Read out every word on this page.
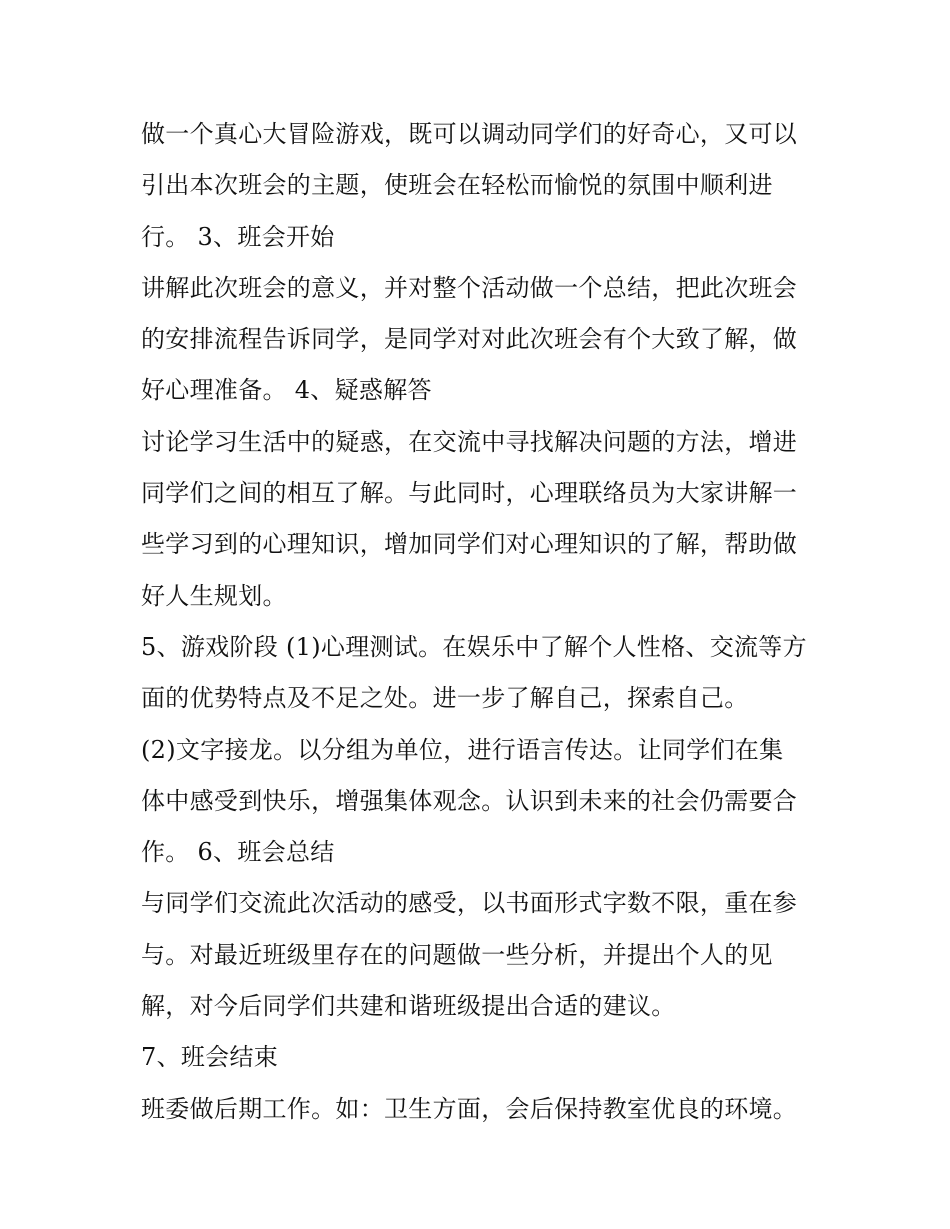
做一个真心大冒险游戏，既可以调动同学们的好奇心，又可以
引出本次班会的主题，使班会在轻松而愉悦的氛围中顺利进
行。 3、班会开始
讲解此次班会的意义，并对整个活动做一个总结，把此次班会
的安排流程告诉同学，是同学对对此次班会有个大致了解，做
好心理准备。 4、疑惑解答
讨论学习生活中的疑惑，在交流中寻找解决问题的方法，增进
同学们之间的相互了解。与此同时，心理联络员为大家讲解一
些学习到的心理知识，增加同学们对心理知识的了解，帮助做
好人生规划。
5、游戏阶段 (1)心理测试。在娱乐中了解个人性格、交流等方
面的优势特点及不足之处。进一步了解自己，探索自己。
(2)文字接龙。以分组为单位，进行语言传达。让同学们在集
体中感受到快乐，增强集体观念。认识到未来的社会仍需要合
作。 6、班会总结
与同学们交流此次活动的感受，以书面形式字数不限，重在参
与。对最近班级里存在的问题做一些分析，并提出个人的见
解，对今后同学们共建和谐班级提出合适的建议。
7、班会结束
班委做后期工作。如：卫生方面，会后保持教室优良的环境。
